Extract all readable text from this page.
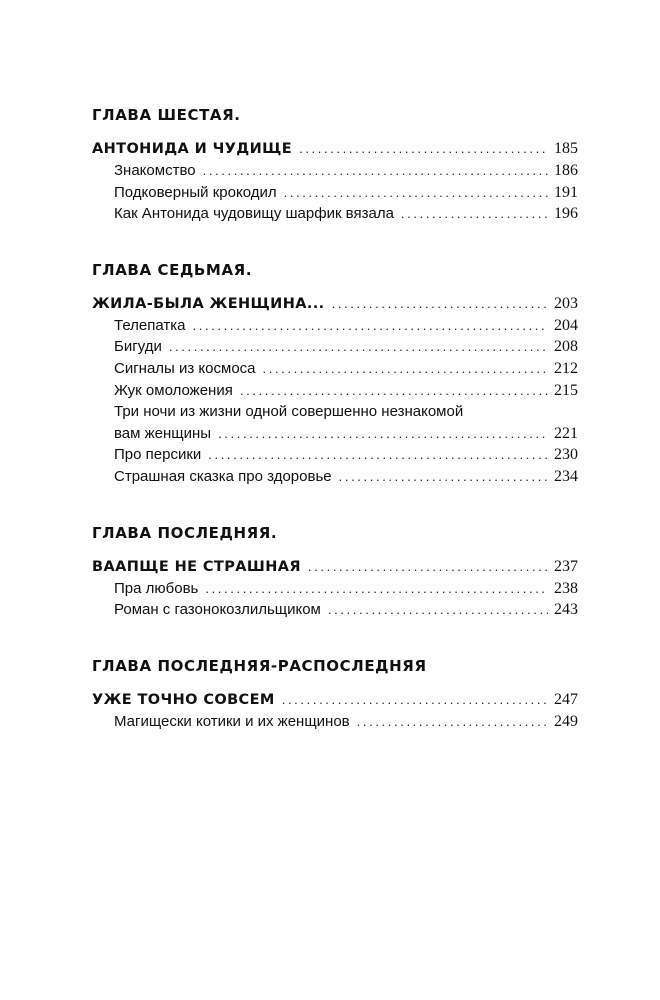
ГЛАВА ШЕСТАЯ.
АНТОНИДА И ЧУДИЩЕ . . .	185
Знакомство . . .	186
Подковерный крокодил . . .	191
Как Антонида чудовищу шарфик вязала . . .	196
ГЛАВА СЕДЬМАЯ.
ЖИЛА-БЫЛА ЖЕНЩИНА... . . .	203
Телепатка . . .	204
Бигуди . . .	208
Сигналы из космоса . . .	212
Жук омоложения . . .	215
Три ночи из жизни одной совершенно незнакомой
вам женщины . . .	221
Про персики . . .	230
Страшная сказка про здоровье . . .	234
ГЛАВА ПОСЛЕДНЯЯ.
ВААПЩЕ НЕ СТРАШНАЯ . . .	237
Пра любовь . . .	238
Роман с газонокозлильщиком . . .	243
ГЛАВА ПОСЛЕДНЯЯ-РАСПОСЛЕДНЯЯ
УЖЕ ТОЧНО СОВСЕМ . . .	247
Магищески котики и их женщинов . . .	249
